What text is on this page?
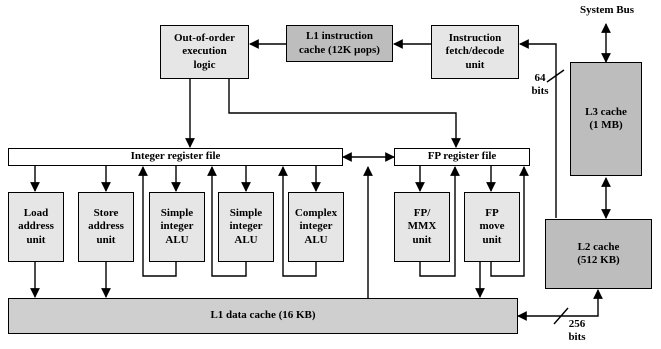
System Bus
64
bits
256
bits
Out-of-order
execution
logic
L1 instruction
cache (12K µops)
Instruction
fetch/decode
unit
L3 cache
(1 MB)
Integer register file	FP register file
Load
address
unit
Store
address
unit
Simple
integer
ALU
Simple
integer
ALU
Complex
integer
ALU
FP/
MMX
unit
FP
move
unit
L2 cache
(512 KB)
L1 data cache (16 KB)
